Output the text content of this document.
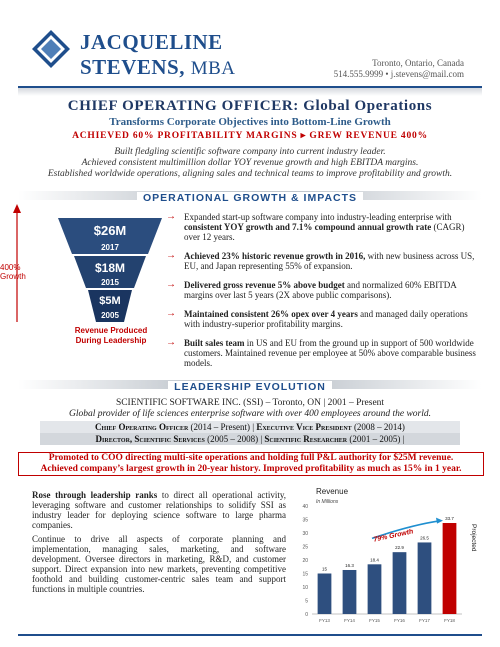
JACQUELINE
STEVENS, MBA	Toronto, Ontario, Canada
514.555.9999 • j.stevens@mail.com
CHIEF OPERATING OFFICER: Global Operations
Transforms Corporate Objectives into Bottom-Line Growth
ACHIEVED 60% PROFITABILITY MARGINS ▸ GREW REVENUE 400%
Built fledgling scientific software company into current industry leader.
Achieved consistent multimillion dollar YOY revenue growth and high EBITDA margins.
Established worldwide operations, aligning sales and technical teams to improve profitability and growth.
OPERATIONAL GROWTH & IMPACTS
$26M
2017
$18M
2015
$5M
2005
400%
Growth
Revenue Produced
During Leadership
→ Expanded start-up software company into industry-leading enterprise with consistent YOY growth and 7.1% compound annual growth rate (CAGR) over 12 years.
→ Achieved 23% historic revenue growth in 2016, with new business across US, EU, and Japan representing 55% of expansion.
→ Delivered gross revenue 5% above budget and normalized 60% EBITDA margins over last 5 years (2X above public comparisons).
→ Maintained consistent 26% opex over 4 years and managed daily operations with industry-superior profitability margins.
→ Built sales team in US and EU from the ground up in support of 500 worldwide customers. Maintained revenue per employee at 50% above comparable business models.
LEADERSHIP EVOLUTION
SCIENTIFIC SOFTWARE INC. (SSI) – Toronto, ON | 2001 – Present
Global provider of life sciences enterprise software with over 400 employees around the world.
Chief Operating Officer (2014 – Present) | Executive Vice President (2008 – 2014)
Director, Scientific Services (2005 – 2008) | Scientific Researcher (2001 – 2005) |
Promoted to COO directing multi-site operations and holding full P&L authority for $25M revenue.
Achieved company’s largest growth in 20-year history. Improved profitability as much as 15% in 1 year.
Rose through leadership ranks to direct all operational activity, leveraging software and customer relationships to solidify SSI as industry leader for deploying science software to large pharma companies.
Continue to drive all aspects of corporate planning and implementation, managing sales, marketing, and software development. Oversee directors in marketing, R&D, and customer support. Direct expansion into new markets, preventing competitive foothold and building customer-centric sales team and support functions in multiple countries.
Revenue
In Millions
0
5
10
15
20
25
30
35
40
15
FY13
16.3
FY14
18.4
FY15
22.9
FY16
26.5
FY17
33.7
FY18
79% Growth	Projected
